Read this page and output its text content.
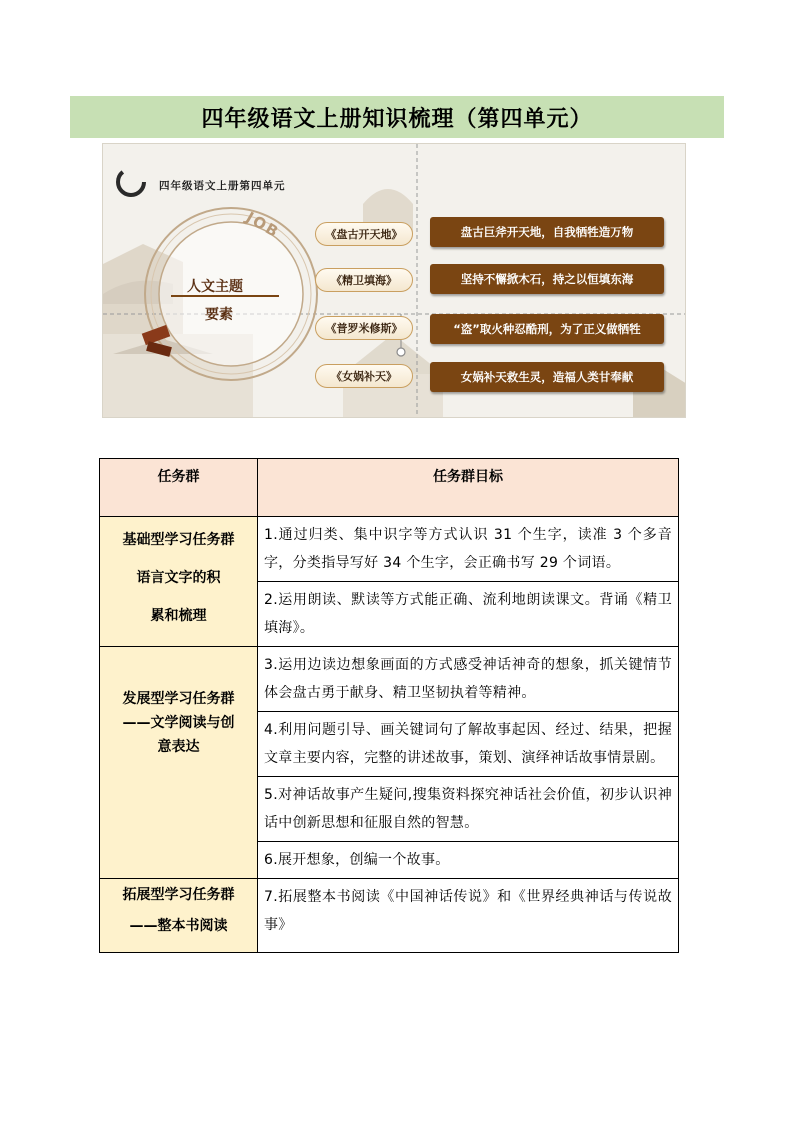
四年级语文上册知识梳理（第四单元）
四年级语文上册第四单元
JOB
人文主题
要素
《盘古开天地》
《精卫填海》
《普罗米修斯》
《女娲补天》
盘古巨斧开天地，自我牺牲造万物
坚持不懈掀木石，持之以恒填东海
“盗”取火种忍酷刑，为了正义做牺牲
女娲补天救生灵，造福人类甘奉献
任务群	任务群目标

基础型学习任务群
语言文字的积
累和梳理	1.通过归类、集中识字等方式认识 31 个生字，读准 3 个多音字，分类指导写好 34 个生字，会正确书写 29 个词语。
	2.运用朗读、默读等方式能正确、流利地朗读课文。背诵《精卫填海》。

发展型学习任务群
——文学阅读与创
意表达	3.运用边读边想象画面的方式感受神话神奇的想象，抓关键情节体会盘古勇于献身、精卫坚韧执着等精神。
	4.利用问题引导、画关键词句了解故事起因、经过、结果，把握文章主要内容，完整的讲述故事，策划、演绎神话故事情景剧。
	5.对神话故事产生疑问,搜集资料探究神话社会价值，初步认识神话中创新思想和征服自然的智慧。
	6.展开想象，创编一个故事。

拓展型学习任务群
——整本书阅读	7.拓展整本书阅读《中国神话传说》和《世界经典神话与传说故事》
